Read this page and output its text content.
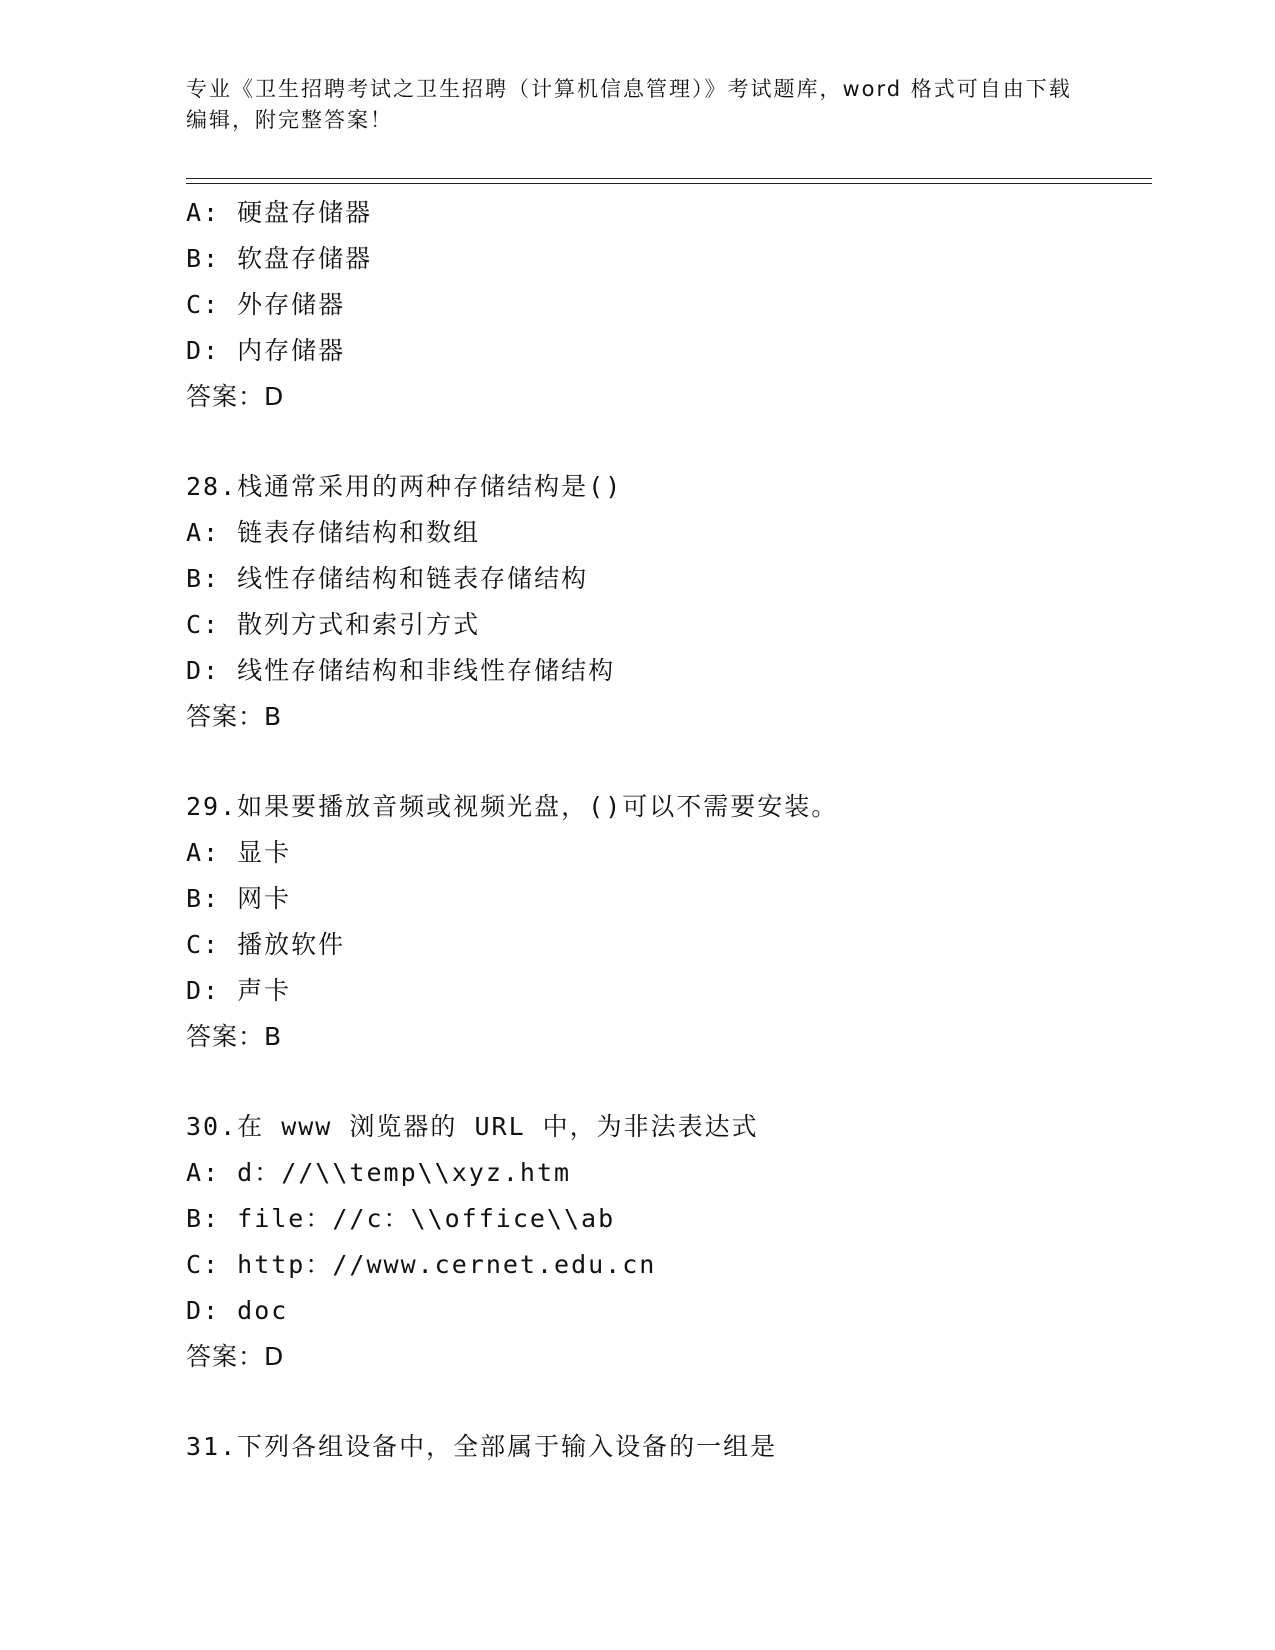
专业《卫生招聘考试之卫生招聘（计算机信息管理）》考试题库，word 格式可自由下载编辑，附完整答案！
A: 硬盘存储器
B: 软盘存储器
C: 外存储器
D: 内存储器
答案：D
28.栈通常采用的两种存储结构是()
A: 链表存储结构和数组
B: 线性存储结构和链表存储结构
C: 散列方式和索引方式
D: 线性存储结构和非线性存储结构
答案：B
29.如果要播放音频或视频光盘，()可以不需要安装。
A: 显卡
B: 网卡
C: 播放软件
D: 声卡
答案：B
30.在 www 浏览器的 URL 中，为非法表达式
A: d：//\\temp\\xyz.htm
B: file：//c：\\office\\ab
C: http：//www.cernet.edu.cn
D: doc
答案：D
31.下列各组设备中，全部属于输入设备的一组是
